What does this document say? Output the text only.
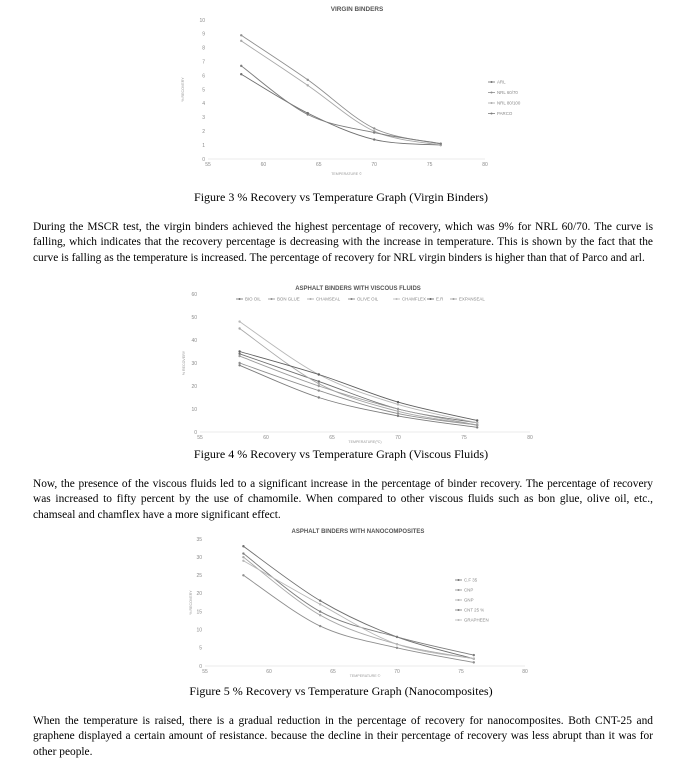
VIRGIN BINDERS
0
1
2
3
4
5
6
7
8
9
10
55	60	65	70	75	80
% RECOVERY
TEMPERATURE ©
ARL
NRL 60/70
NRL 80/100
PARCO
Figure 3 % Recovery vs Temperature Graph (Virgin Binders)
During the MSCR test, the virgin binders achieved the highest percentage of recovery, which was 9% for NRL 60/70. The curve is falling, which indicates that the recovery percentage is decreasing with the increase in temperature. This is shown by the fact that the curve is falling as the temperature is increased. The percentage of recovery for NRL virgin binders is higher than that of Parco and arl.
ASPHALT BINDERS WITH VISCOUS FLUIDS
0
10
20
30
40
50
60
55	60	65	70	75	80
% RECOVERY
TEMPERATURE(ºC)
BIO OIL	BON GLUE	CHAMSEAL	OLIVE OIL	CHAMFLEX E.R	EXPANSEAL
Figure 4 % Recovery vs Temperature Graph (Viscous Fluids)
Now, the presence of the viscous fluids led to a significant increase in the percentage of binder recovery. The percentage of recovery was increased to fifty percent by the use of chamomile. When compared to other viscous fluids such as bon glue, olive oil, etc., chamseal and chamflex have a more significant effect.
ASPHALT BINDERS WITH NANOCOMPOSITES
0
5
10
15
20
25
30
35
55	60	65	70	75	80
% RECOVERY
TEMPERATURE ©
C.F 35
CNP
GNP
CNT 25 %
GRAPHEEN
Figure 5 % Recovery vs Temperature Graph (Nanocomposites)
When the temperature is raised, there is a gradual reduction in the percentage of recovery for nanocomposites. Both CNT-25 and graphene displayed a certain amount of resistance. because the decline in their percentage of recovery was less abrupt than it was for other people.
